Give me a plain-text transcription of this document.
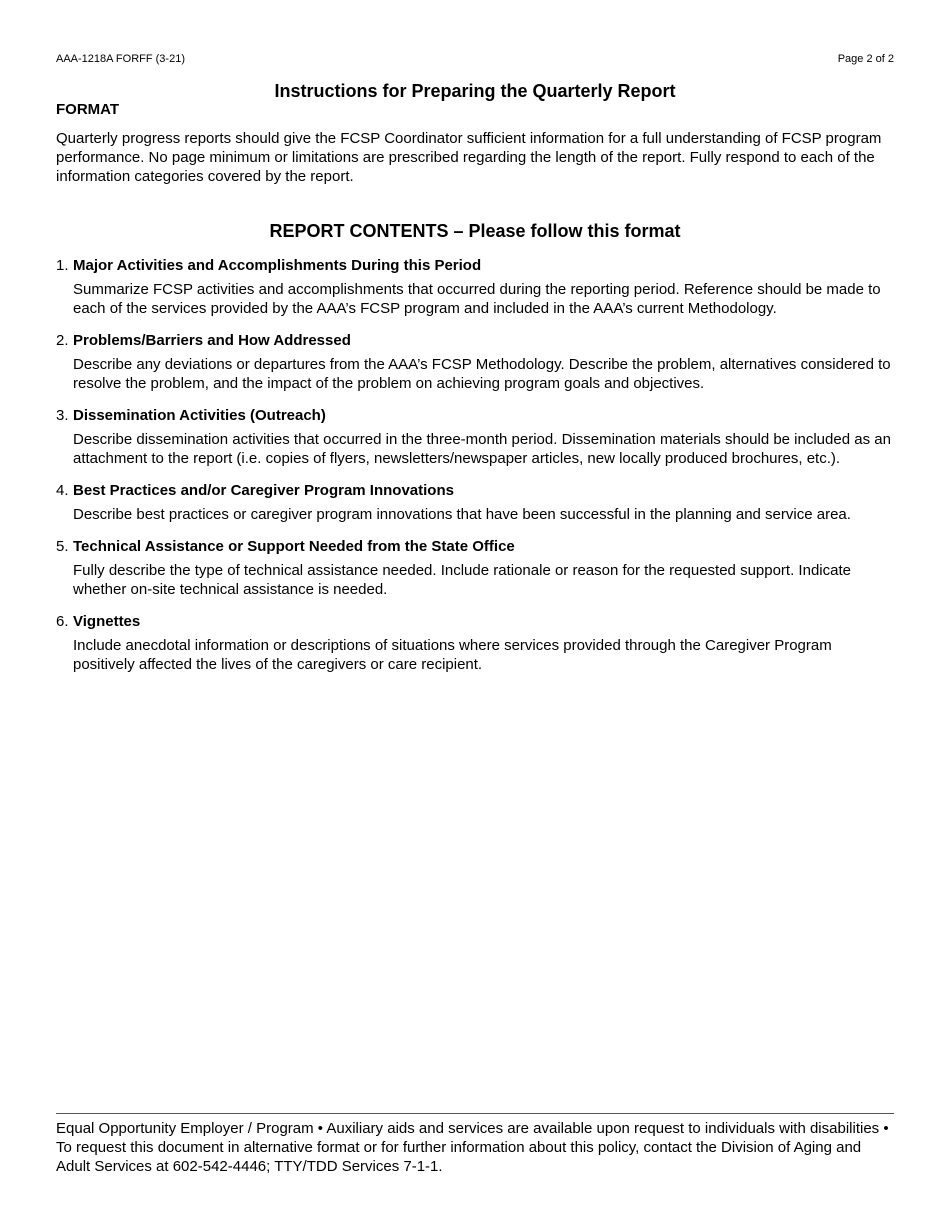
AAA-1218A FORFF (3-21)	Page 2 of 2
Instructions for Preparing the Quarterly Report
FORMAT

Quarterly progress reports should give the FCSP Coordinator sufficient information for a full understanding of FCSP program performance. No page minimum or limitations are prescribed regarding the length of the report. Fully respond to each of the information categories covered by the report.

REPORT CONTENTS – Please follow this format
1. Major Activities and Accomplishments During this Period

Summarize FCSP activities and accomplishments that occurred during the reporting period. Reference should be made to each of the services provided by the AAA’s FCSP program and included in the AAA’s current Methodology.

2. Problems/Barriers and How Addressed

Describe any deviations or departures from the AAA’s FCSP Methodology. Describe the problem, alternatives considered to resolve the problem, and the impact of the problem on achieving program goals and objectives.

3. Dissemination Activities (Outreach)

Describe dissemination activities that occurred in the three-month period. Dissemination materials should be included as an attachment to the report (i.e. copies of flyers, newsletters/newspaper articles, new locally produced brochures, etc.).

4. Best Practices and/or Caregiver Program Innovations

Describe best practices or caregiver program innovations that have been successful in the planning and service area.

5. Technical Assistance or Support Needed from the State Office

Fully describe the type of technical assistance needed. Include rationale or reason for the requested support. Indicate whether on-site technical assistance is needed.

6. Vignettes

Include anecdotal information or descriptions of situations where services provided through the Caregiver Program positively affected the lives of the caregivers or care recipient.

Equal Opportunity Employer / Program • Auxiliary aids and services are available upon request to individuals with disabilities • To request this document in alternative format or for further information about this policy, contact the Division of Aging and Adult Services at 602-542-4446; TTY/TDD Services 7-1-1.
